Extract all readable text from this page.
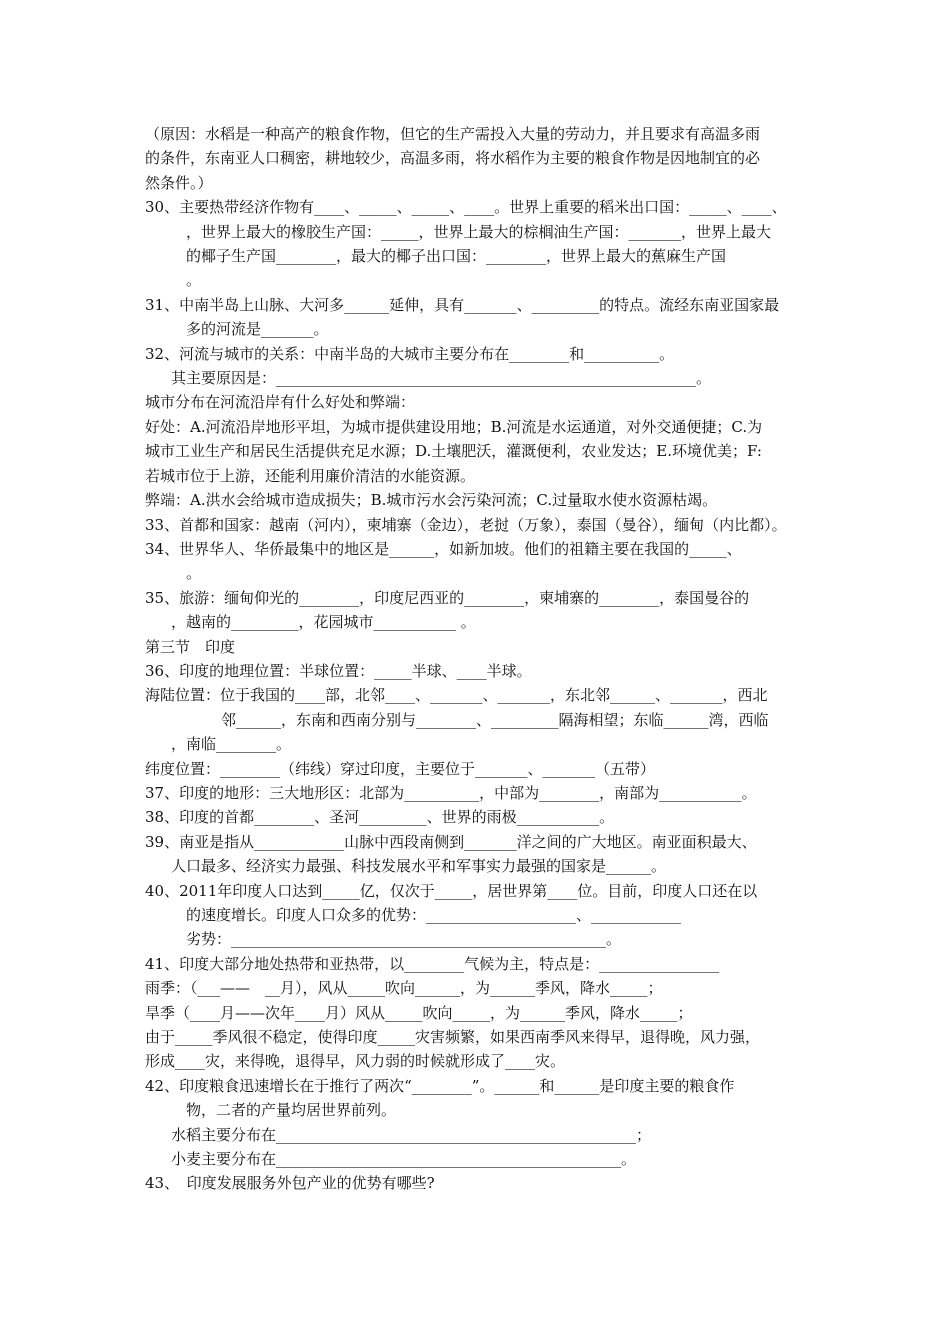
（原因：水稻是一种高产的粮食作物，但它的生产需投入大量的劳动力，并且要求有高温多雨
的条件，东南亚人口稠密，耕地较少，高温多雨，将水稻作为主要的粮食作物是因地制宜的必
然条件。）
30、主要热带经济作物有____、_____、_____、____。世界上重要的稻米出口国：_____、____、
，世界上最大的橡胶生产国：_____，世界上最大的棕榈油生产国：_______，世界上最大
的椰子生产国________，最大的椰子出口国：________，世界上最大的蕉麻生产国
。
31、中南半岛上山脉、大河多______延伸，具有_______、_________的特点。流经东南亚国家最
多的河流是_______。
32、河流与城市的关系：中南半岛的大城市主要分布在________和__________。
其主要原因是：________________________________________________________。
城市分布在河流沿岸有什么好处和弊端：
好处：A.河流沿岸地形平坦，为城市提供建设用地；B.河流是水运通道，对外交通便捷；C.为
城市工业生产和居民生活提供充足水源；D.土壤肥沃，灌溉便利，农业发达；E.环境优美；F:
若城市位于上游，还能利用廉价清洁的水能资源。
弊端：A.洪水会给城市造成损失；B.城市污水会污染河流；C.过量取水使水资源枯竭。
33、首都和国家：越南（河内），柬埔寨（金边），老挝（万象），泰国（曼谷），缅甸（内比都）。
34、世界华人、华侨最集中的地区是______，如新加坡。他们的祖籍主要在我国的_____、
。
35、旅游：缅甸仰光的________，印度尼西亚的________，柬埔寨的________，泰国曼谷的
，越南的_________，花园城市___________ 。
第三节　印度
36、印度的地理位置：半球位置：_____半球、____半球。
海陆位置：位于我国的____部，北邻____、_______、_______，东北邻______、_______，西北
邻______，东南和西南分别与________、_________隔海相望；东临______湾，西临
，南临________。
纬度位置：________（纬线）穿过印度，主要位于_______、_______（五带）
37、印度的地形：三大地形区：北部为__________，中部为________，南部为___________。
38、印度的首都________、圣河_________、世界的雨极___________。
39、南亚是指从____________山脉中西段南侧到_______洋之间的广大地区。南亚面积最大、
人口最多、经济实力最强、科技发展水平和军事实力最强的国家是______。
40、2011年印度人口达到_____亿，仅次于_____，居世界第____位。目前，印度人口还在以
的速度增长。印度人口众多的优势：____________________、____________
劣势：__________________________________________________。
41、印度大部分地处热带和亚热带，以________气候为主，特点是：________________
雨季：（___——　__月），风从_____吹向______，为______季风，降水_____；
旱季（____月——次年____月）风从_____吹向_____，为______季风，降水_____；
由于_____季风很不稳定，使得印度_____灾害频繁，如果西南季风来得早，退得晚，风力强，
形成____灾，来得晚，退得早，风力弱的时候就形成了____灾。
42、印度粮食迅速增长在于推行了两次“________”。______和______是印度主要的粮食作
物，二者的产量均居世界前列。
水稻主要分布在________________________________________________；
小麦主要分布在______________________________________________。
43、　印度发展服务外包产业的优势有哪些?
